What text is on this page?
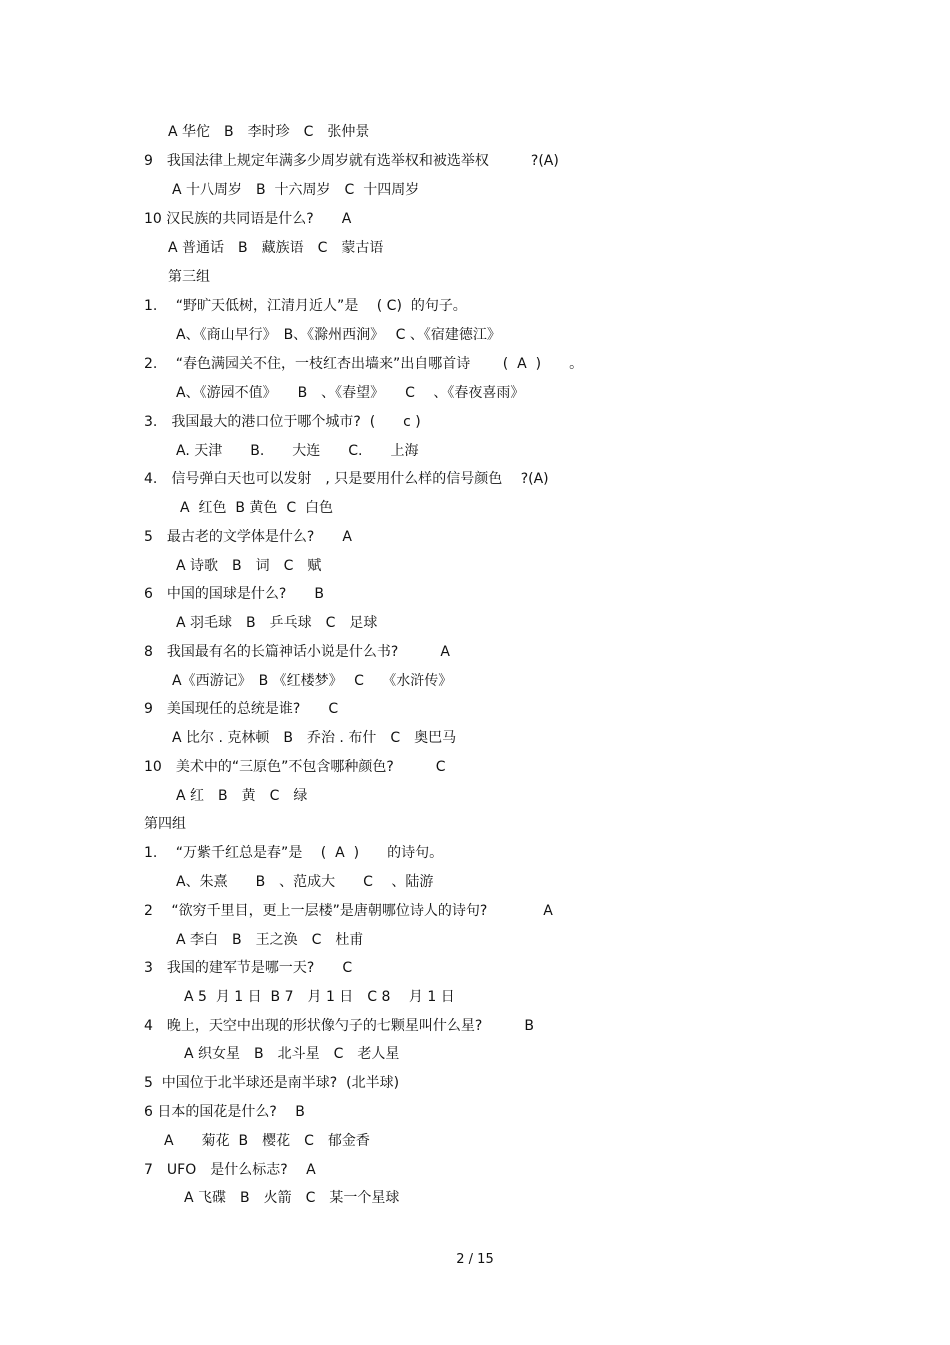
A 华佗　B　李时珍　C　张仲景
9　我国法律上规定年满多少周岁就有选举权和被选举权　　　?(A)
A 十八周岁　B  十六周岁　C  十四周岁
10 汉民族的共同语是什么?　　A
A 普通话　B　藏族语　C　蒙古语
第三组
1.　 “野旷天低树，江清月近人”是　 ( C)  的句子。
A、《商山早行》　B、《滁州西涧》　 C 、《宿建德江》
2.　 “春色满园关不住，一枝红杏出墙来”出自哪首诗　　 (  A  )　　。
A、《游园不值》　　B　、《春望》　　C　 、《春夜喜雨》
3.　我国最大的港口位于哪个城市?  (　　c )
A. 天津　　B.　　大连　　C.　　上海
4.　信号弹白天也可以发射　, 只是要用什么样的信号颜色　 ?(A)
A  红色  B 黄色  C  白色
5　最古老的文学体是什么?　　A
A 诗歌　B　词　C　赋
6　中国的国球是什么?　　B
A 羽毛球　B　乒乓球　C　足球
8　我国最有名的长篇神话小说是什么书?　　　A
A《西游记》　B 《红楼梦》　 C　 《水浒传》
9　美国现任的总统是谁?　　C
A 比尔 . 克林顿　B　乔治 . 布什　C　奥巴马
10　美术中的“三原色”不包含哪种颜色?　　　C
A 红　B　黄　C　绿
第四组
1.　 “万紫千红总是春”是　 (  A  )　　的诗句。
A、朱熹　　B　、范成大　　C　 、陆游
2　 “欲穷千里目，更上一层楼”是唐朝哪位诗人的诗句?　　　　A
A 李白　B　王之涣　C　杜甫
3　我国的建军节是哪一天?　　C
A 5  月 1 日  B 7　月 1 日　C 8　 月 1 日
4　晚上，天空中出现的形状像勺子的七颗星叫什么星?　　　B
A 织女星　B　北斗星　C　老人星
5  中国位于北半球还是南半球?  (北半球)
6 日本的国花是什么?　 B
A　　菊花  B　樱花　C　郁金香
7　UFO　是什么标志?　 A
A 飞碟　B　火箭　C　某一个星球
2 / 15
